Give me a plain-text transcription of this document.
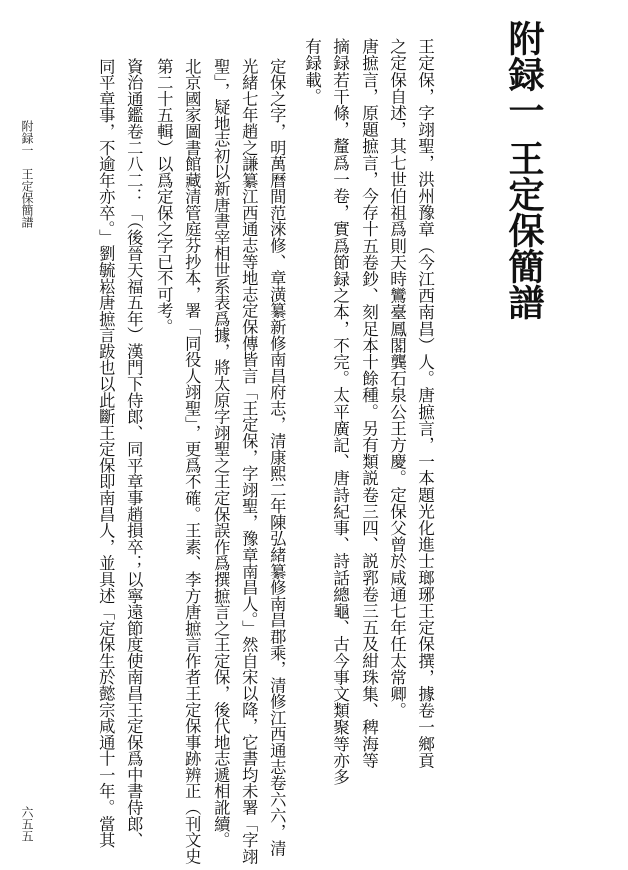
附録一
王定保簡譜
王定保，字翊聖，洪州豫章（今江西南昌）人。唐摭言，一本題光化進士瑯琊王定保撰，據卷一鄉貢
之定保自述，其七世伯祖爲則天時鸞臺鳳閣龔石泉公王方慶。定保父曾於咸通七年任太常卿。
唐摭言，原題摭言，今存十五卷鈔、刻足本十餘種。另有類説卷三四、説郛卷三五及紺珠集、稗海等
摘録若干條，釐爲一卷，實爲節録之本，不完。太平廣記、唐詩紀事、詩話總龜、古今事文類聚等亦多
有録載。
定保之字，明萬曆間范淶修、章潢纂新修南昌府志，清康熙二年陳弘緒纂修南昌郡乘，清修江西通志卷六六，清
光緒七年趙之謙纂江西通志等地志定保傳皆言「王定保，字翊聖，豫章南昌人。」然自宋以降，它書均未署「字翊
聖」，疑地志初以新唐書宰相世系表爲據，將太原字翊聖之王定保誤作爲撰摭言之王定保，後代地志遞相訛續。
北京國家圖書館藏清管庭芬抄本，署「同役人翊聖」，更爲不確。王素、李方唐摭言作者王定保事跡辨正（刊文史
第二十五輯）以爲定保之字已不可考。
資治通鑑卷二八二：「（後晉天福五年）漢門下侍郎、同平章事趙損卒；以寧遠節度使南昌王定保爲中書侍郎、
同平章事，不逾年亦卒。」劉毓崧唐摭言跋也以此斷王定保即南昌人，並具述「定保生於懿宗咸通十一年。當其
附録一　王定保簡譜
六五五
